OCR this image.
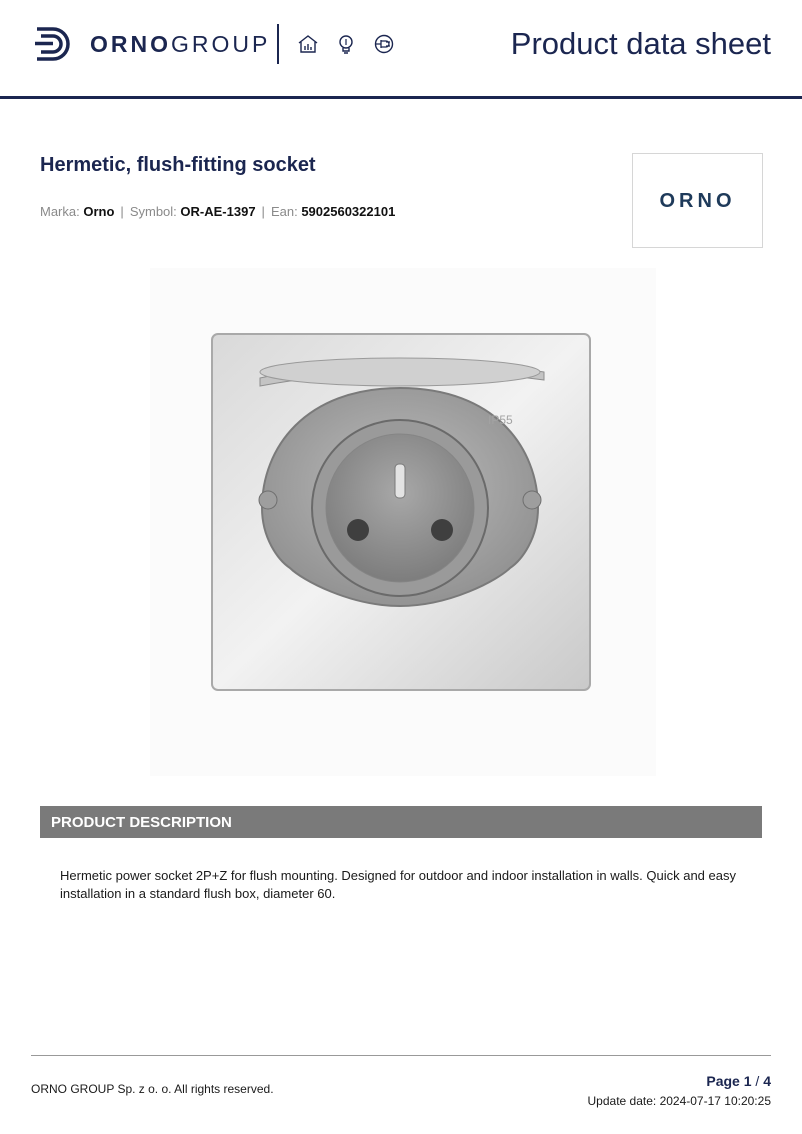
ORNOGROUP	Product data sheet
Hermetic, flush-fitting socket
Marka: Orno | Symbol: OR-AE-1397 | Ean: 5902560322101	ORNO
IP55
PRODUCT DESCRIPTION
Hermetic power socket 2P+Z for flush mounting. Designed for outdoor and indoor installation in walls. Quick and easy installation in a standard flush box, diameter 60.
ORNO GROUP Sp. z o. o. All rights reserved.	Page 1 / 4
Update date: 2024-07-17 10:20:25
